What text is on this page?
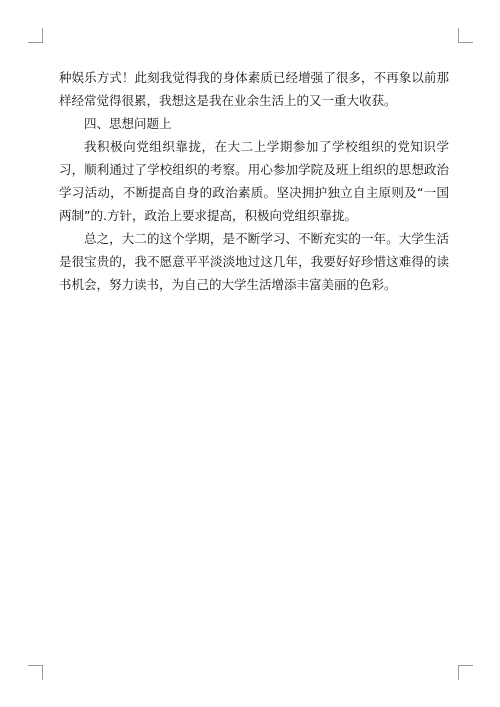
种娱乐方式！此刻我觉得我的身体素质已经增强了很多，不再象以前那样经常觉得很累，我想这是我在业余生活上的又一重大收获。

四、思想问题上

我积极向党组织靠拢，在大二上学期参加了学校组织的党知识学习，顺利通过了学校组织的考察。用心参加学院及班上组织的思想政治学习活动，不断提高自身的政治素质。坚决拥护独立自主原则及“一国两制”的.方针，政治上要求提高，积极向党组织靠拢。

总之，大二的这个学期，是不断学习、不断充实的一年。大学生活是很宝贵的，我不愿意平平淡淡地过这几年，我要好好珍惜这难得的读书机会，努力读书，为自己的大学生活增添丰富美丽的色彩。
